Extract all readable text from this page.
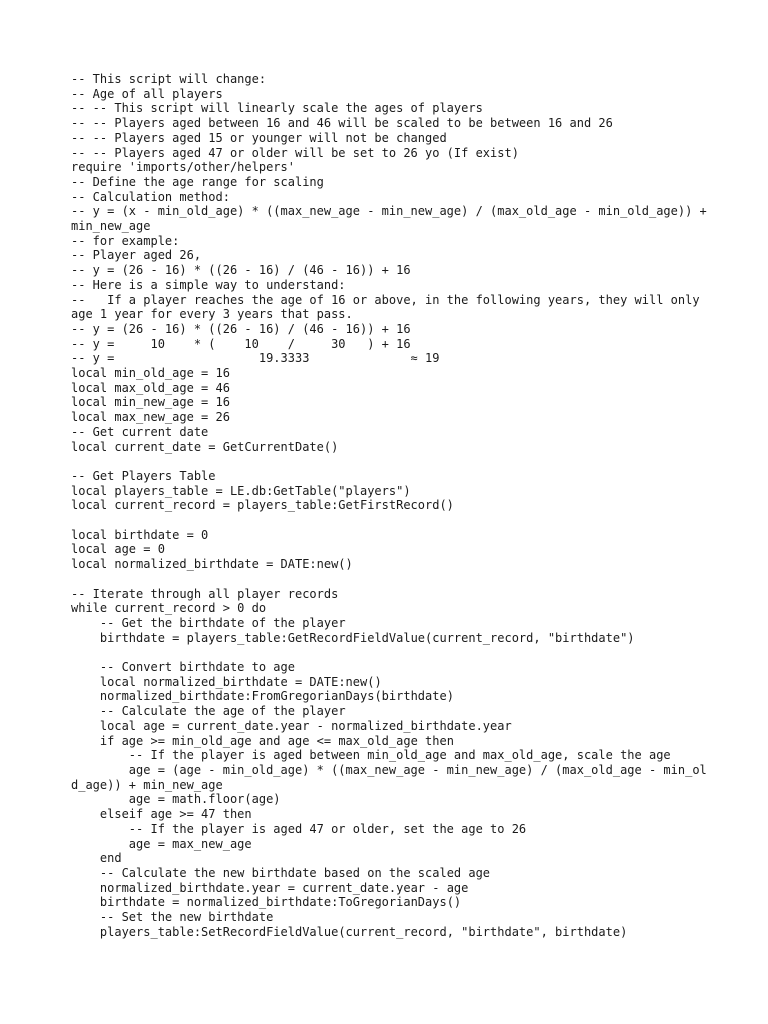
-- This script will change:
-- Age of all players
-- -- This script will linearly scale the ages of players
-- -- Players aged between 16 and 46 will be scaled to be between 16 and 26
-- -- Players aged 15 or younger will not be changed
-- -- Players aged 47 or older will be set to 26 yo (If exist)
require 'imports/other/helpers'
-- Define the age range for scaling
-- Calculation method:
-- y = (x - min_old_age) * ((max_new_age - min_new_age) / (max_old_age - min_old_age)) + min_new_age
-- for example:
-- Player aged 26,
-- y = (26 - 16) * ((26 - 16) / (46 - 16)) + 16
-- Here is a simple way to understand:
--   If a player reaches the age of 16 or above, in the following years, they will only age 1 year for every 3 years that pass.
-- y = (26 - 16) * ((26 - 16) / (46 - 16)) + 16
-- y =     10    * (    10    /     30   ) + 16
-- y =                    19.3333              ≈ 19
local min_old_age = 16
local max_old_age = 46
local min_new_age = 16
local max_new_age = 26
-- Get current date
local current_date = GetCurrentDate()
-- Get Players Table
local players_table = LE.db:GetTable("players")
local current_record = players_table:GetFirstRecord()
local birthdate = 0
local age = 0
local normalized_birthdate = DATE:new()
-- Iterate through all player records
while current_record > 0 do
-- Get the birthdate of the player
birthdate = players_table:GetRecordFieldValue(current_record, "birthdate")
-- Convert birthdate to age
local normalized_birthdate = DATE:new()
normalized_birthdate:FromGregorianDays(birthdate)
-- Calculate the age of the player
local age = current_date.year - normalized_birthdate.year
if age >= min_old_age and age <= max_old_age then
-- If the player is aged between min_old_age and max_old_age, scale the age
age = (age - min_old_age) * ((max_new_age - min_new_age) / (max_old_age - min_old_age)) + min_new_age
age = math.floor(age)
elseif age >= 47 then
-- If the player is aged 47 or older, set the age to 26
age = max_new_age
end
-- Calculate the new birthdate based on the scaled age
normalized_birthdate.year = current_date.year - age
birthdate = normalized_birthdate:ToGregorianDays()
-- Set the new birthdate
players_table:SetRecordFieldValue(current_record, "birthdate", birthdate)
